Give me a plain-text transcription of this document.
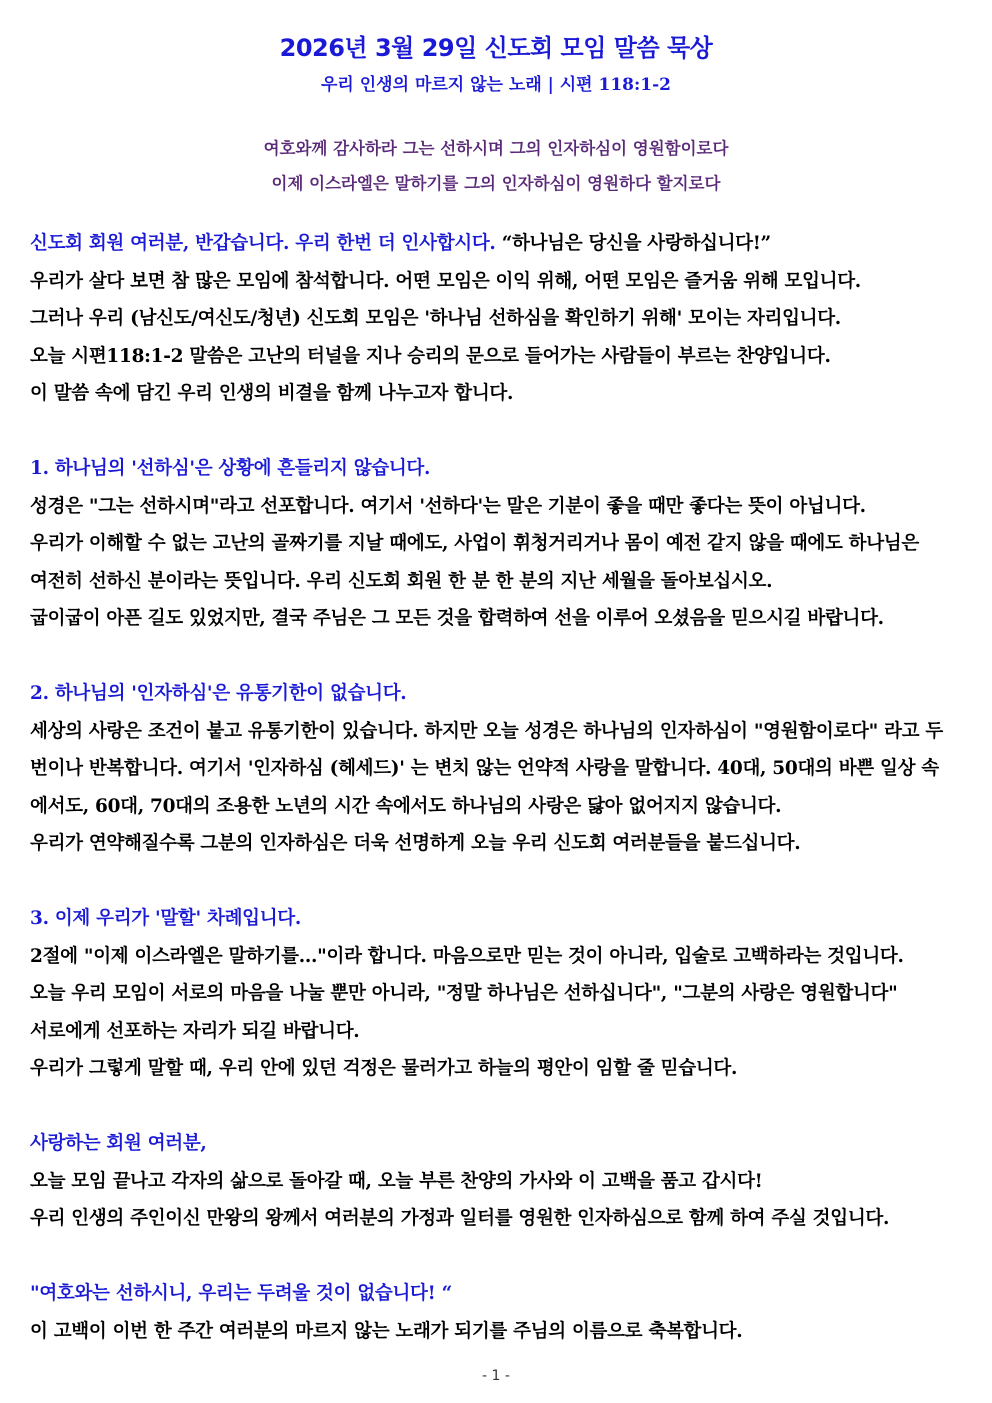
2026년 3월 29일 신도회 모임 말씀 묵상
우리 인생의 마르지 않는 노래 | 시편 118:1-2
여호와께 감사하라 그는 선하시며 그의 인자하심이 영원함이로다
이제 이스라엘은 말하기를 그의 인자하심이 영원하다 할지로다
신도회 회원 여러분, 반갑습니다. 우리 한번 더 인사합시다. “하나님은 당신을 사랑하십니다!”
우리가 살다 보면 참 많은 모임에 참석합니다. 어떤 모임은 이익 위해, 어떤 모임은 즐거움 위해 모입니다.
그러나 우리 (남신도/여신도/청년) 신도회 모임은 '하나님 선하심을 확인하기 위해' 모이는 자리입니다.
오늘 시편118:1-2 말씀은 고난의 터널을 지나 승리의 문으로 들어가는 사람들이 부르는 찬양입니다.
이 말씀 속에 담긴 우리 인생의 비결을 함께 나누고자 합니다.
1. 하나님의 '선하심'은 상황에 흔들리지 않습니다.
성경은 "그는 선하시며"라고 선포합니다. 여기서 '선하다'는 말은 기분이 좋을 때만 좋다는 뜻이 아닙니다.
우리가 이해할 수 없는 고난의 골짜기를 지날 때에도, 사업이 휘청거리거나 몸이 예전 같지 않을 때에도 하나님은
여전히 선하신 분이라는 뜻입니다. 우리 신도회 회원 한 분 한 분의 지난 세월을 돌아보십시오.
굽이굽이 아픈 길도 있었지만, 결국 주님은 그 모든 것을 합력하여 선을 이루어 오셨음을 믿으시길 바랍니다.
2. 하나님의 '인자하심'은 유통기한이 없습니다.
세상의 사랑은 조건이 붙고 유통기한이 있습니다. 하지만 오늘 성경은 하나님의 인자하심이 "영원함이로다" 라고 두
번이나 반복합니다. 여기서 '인자하심 (헤세드)' 는 변치 않는 언약적 사랑을 말합니다. 40대, 50대의 바쁜 일상 속
에서도, 60대, 70대의 조용한 노년의 시간 속에서도 하나님의 사랑은 닳아 없어지지 않습니다.
우리가 연약해질수록 그분의 인자하심은 더욱 선명하게 오늘 우리 신도회 여러분들을 붙드십니다.
3. 이제 우리가 '말할' 차례입니다.
2절에 "이제 이스라엘은 말하기를..."이라 합니다. 마음으로만 믿는 것이 아니라, 입술로 고백하라는 것입니다.
오늘 우리 모임이 서로의 마음을 나눌 뿐만 아니라, "정말 하나님은 선하십니다", "그분의 사랑은 영원합니다"
서로에게 선포하는 자리가 되길 바랍니다.
우리가 그렇게 말할 때, 우리 안에 있던 걱정은 물러가고 하늘의 평안이 임할 줄 믿습니다.
사랑하는 회원 여러분,
오늘 모임 끝나고 각자의 삶으로 돌아갈 때, 오늘 부른 찬양의 가사와 이 고백을 품고 갑시다!
우리 인생의 주인이신 만왕의 왕께서 여러분의 가정과 일터를 영원한 인자하심으로 함께 하여 주실 것입니다.
"여호와는 선하시니, 우리는 두려울 것이 없습니다! “
이 고백이 이번 한 주간 여러분의 마르지 않는 노래가 되기를 주님의 이름으로 축복합니다.
- 1 -
